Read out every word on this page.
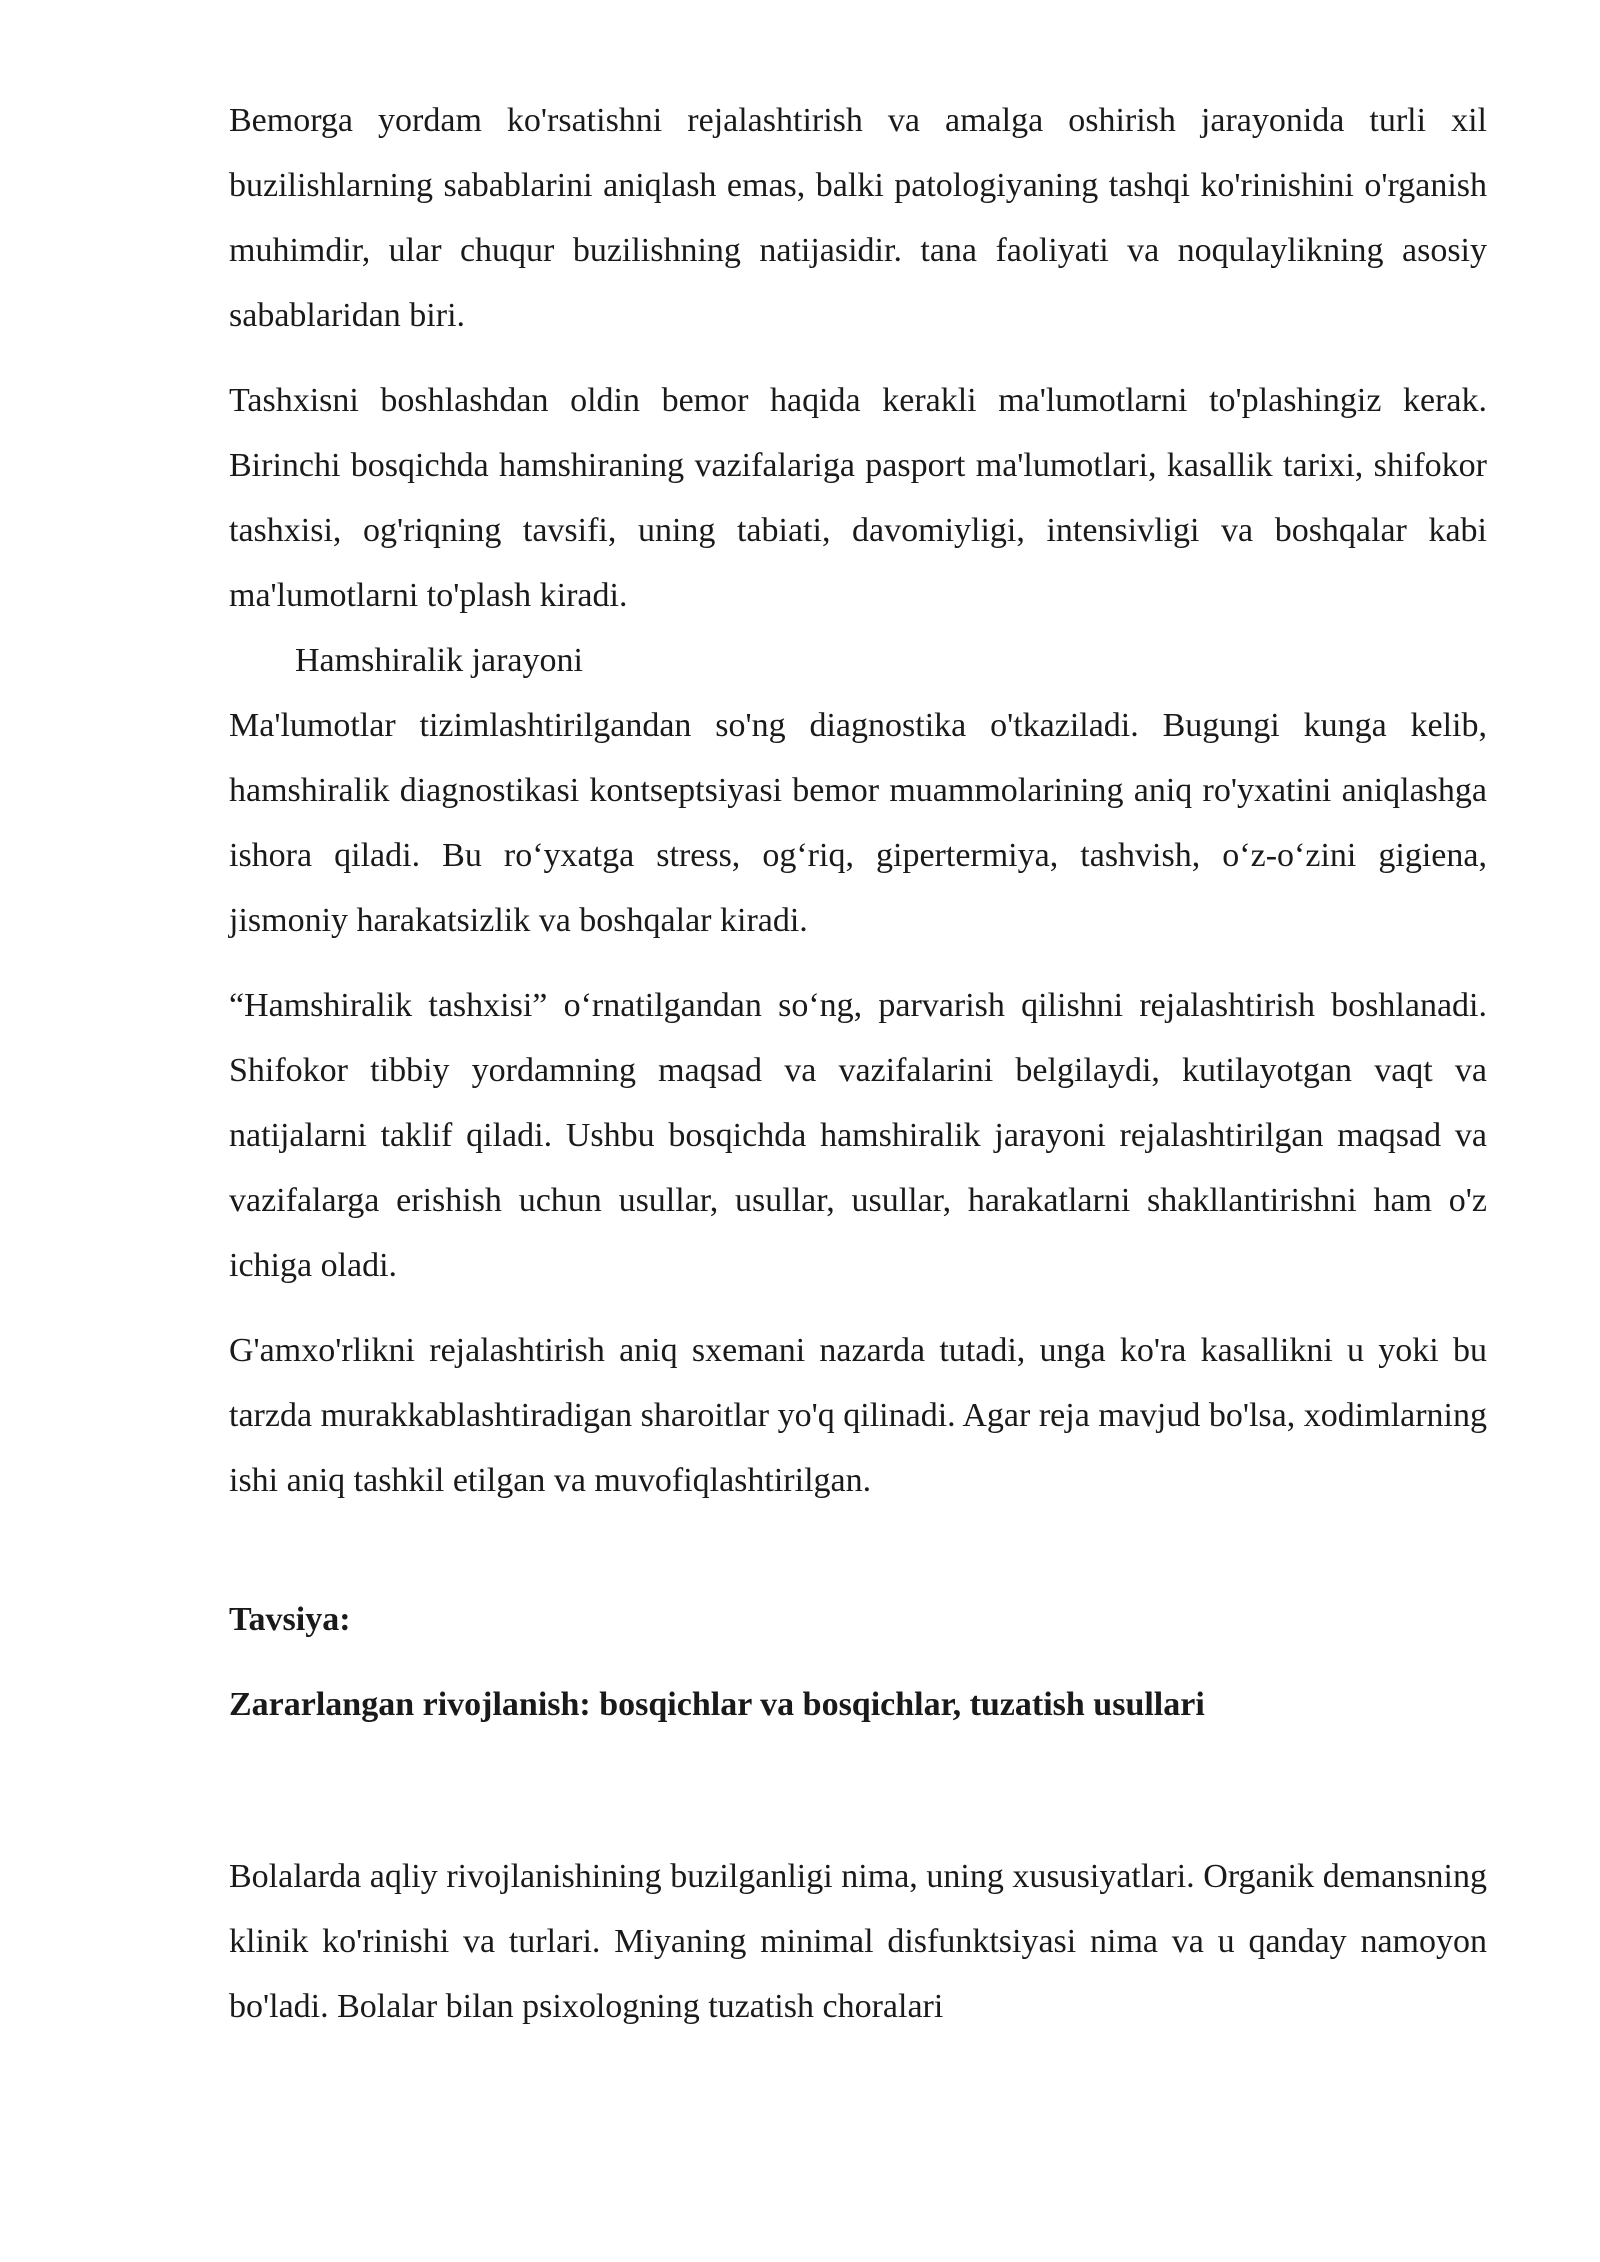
Bemorga yordam ko'rsatishni rejalashtirish va amalga oshirish jarayonida turli xil buzilishlarning sabablarini aniqlash emas, balki patologiyaning tashqi ko'rinishini o'rganish muhimdir, ular chuqur buzilishning natijasidir. tana faoliyati va noqulaylikning asosiy sabablaridan biri.

Tashxisni boshlashdan oldin bemor haqida kerakli ma'lumotlarni to'plashingiz kerak. Birinchi bosqichda hamshiraning vazifalariga pasport ma'lumotlari, kasallik tarixi, shifokor tashxisi, og'riqning tavsifi, uning tabiati, davomiyligi, intensivligi va boshqalar kabi ma'lumotlarni to'plash kiradi.

Hamshiralik jarayoni

Ma'lumotlar tizimlashtirilgandan so'ng diagnostika o'tkaziladi. Bugungi kunga kelib, hamshiralik diagnostikasi kontseptsiyasi bemor muammolarining aniq ro'yxatini aniqlashga ishora qiladi. Bu ro‘yxatga stress, og‘riq, gipertermiya, tashvish, o‘z-o‘zini gigiena, jismoniy harakatsizlik va boshqalar kiradi.

“Hamshiralik tashxisi” o‘rnatilgandan so‘ng, parvarish qilishni rejalashtirish boshlanadi. Shifokor tibbiy yordamning maqsad va vazifalarini belgilaydi, kutilayotgan vaqt va natijalarni taklif qiladi. Ushbu bosqichda hamshiralik jarayoni rejalashtirilgan maqsad va vazifalarga erishish uchun usullar, usullar, usullar, harakatlarni shakllantirishni ham o'z ichiga oladi.

G'amxo'rlikni rejalashtirish aniq sxemani nazarda tutadi, unga ko'ra kasallikni u yoki bu tarzda murakkablashtiradigan sharoitlar yo'q qilinadi. Agar reja mavjud bo'lsa, xodimlarning ishi aniq tashkil etilgan va muvofiqlashtirilgan.

Tavsiya:

Zararlangan rivojlanish: bosqichlar va bosqichlar, tuzatish usullari

Bolalarda aqliy rivojlanishining buzilganligi nima, uning xususiyatlari. Organik demansning klinik ko'rinishi va turlari. Miyaning minimal disfunktsiyasi nima va u qanday namoyon bo'ladi. Bolalar bilan psixologning tuzatish choralari
